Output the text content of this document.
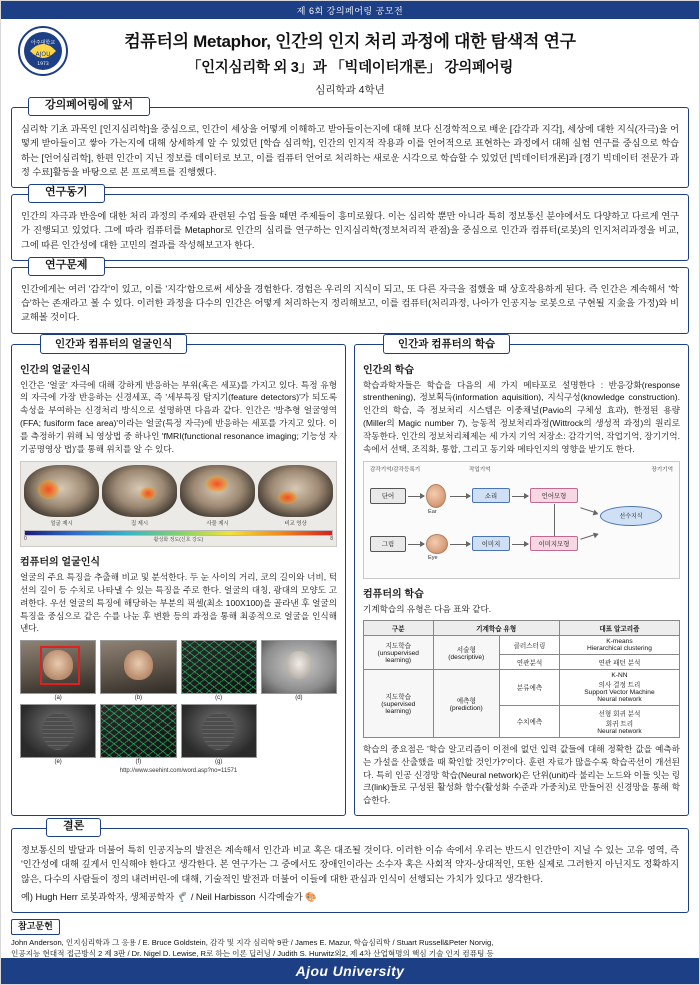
제 6회 강의페어링 공모전
아주대학교
AJOU
1973
컴퓨터의 Metaphor, 인간의 인지 처리 과정에 대한 탐색적 연구
「인지심리학 외 3」과 「빅데이터개론」 강의페어링
심리학과 4학년
강의페어링에 앞서

심리학 기초 과목인 [인지심리학]을 중심으로, 인간이 세상을 어떻게 이해하고 받아들이는지에 대해 보다 신경학적으로 배운 [감각과 지각], 세상에 대한 지식(자극)을 어떻게 받아들이고 쌓아 가는지에 대해 상세하게 알 수 있었던 [학습 심리학], 인간의 인지적 작용과 이를 언어적으로 표현하는 과정에서 대해 실험 연구를 중심으로 학습하는 [언어심리학], 한편 인간이 지닌 정보를 데이터로 보고, 이를 컴퓨터 언어로 처리하는 새로운 시각으로 학습할 수 있었던 [빅데이터개론]과 [경기 빅데이터 전문가 과정 수료]활동을 바탕으로 본 프로젝트를 진행했다.

연구동기

인간의 자극과 반응에 대한 처리 과정의 주제와 관련된 수업 들을 때면 주제들이 흥미로웠다. 이는 심리학 뿐만 아니라 특히 정보통신 분야에서도 다양하고 다르게 연구가 진행되고 있었다. 그에 따라 컴퓨터를 Metaphor로 인간의 심리를 연구하는 인지심리학(정보처리적 관점)을 중심으로 인간과 컴퓨터(로봇)의 인지처리과정을 비교, 그에 따른 인간성에 대한 고민의 결과를 작성해보고자 한다.

연구문제

인간에게는 여러 '감각'이 있고, 이를 '지각'함으로써 세상을 경험한다. 경험은 우리의 지식이 되고, 또 다른 자극을 접했을 때 상호작용하게 된다. 즉 인간은 계속해서 '학습'하는 존재라고 볼 수 있다. 이러한 과정을 다수의 인간은 어떻게 처리하는지 정리해보고, 이를 컴퓨터(처리과정, 나아가 인공지능 로봇으로 구현될 지金을 가정)와 비교해볼 것이다.

인간과 컴퓨터의 얼굴인식
인간의 얼굴인식

인간은 '얼굴' 자극에 대해 강하게 반응하는 부위(혹은 세포)를 가지고 있다. 특정 유형의 자극에 가장 반응하는 신경세포, 즉 '세부특징 탐지기(feature detectors)'가 되도록 속성을 부여하는 신경처리 방식으로 설명하면 다음과 같다. 인간은 '방추형 얼굴영역(FFA; fusiform face area)'이라는 얼굴(특정 자극)에 반응하는 세포를 가지고 있다. 이를 측정하기 위해 뇌 영상법 중 하나인 'fMRI(functional resonance imaging; 기능성 자기공명영상 법)'를 통해 위치를 알 수 있다.

얼굴 제시	집 제시	사물 제시	비교 영상
0	활성화 정도(신호 강도)	8
컴퓨터의 얼굴인식

얼굴의 주요 특징을 추출해 비교 및 분석한다. 두 눈 사이의 거리, 코의 길이와 너비, 턱 선의 길이 등 수치로 나타낼 수 있는 특징을 주로 한다. 얼굴의 대칭, 광대의 모양도 고려한다. 우선 얼굴의 특징에 해당하는 부분의 픽셀(최소 100X100)을 골라낸 후 얼굴의 특징을 중심으로 같은 수를 나눈 후 변환 등의 과정을 통해 최종적으로 얼굴을 인식해낸다.

(a)	(b)	(c)	(d)
(e)	(f)	(g)
http://www.seehint.com/word.asp?no=11571
인간과 컴퓨터의 학습
인간의 학습

학습과학자들은 학습을 다음의 세 가지 메타포로 설명한다 : 반응강화(response strenthening), 정보획득(information aquisition), 지식구성(knowledge construction). 인간의 학습, 즉 정보처리 시스템은 이중채널(Pavio의 구체성 효과), 한정된 용량(Miller의 Magic number 7), 능동적 정보처리과정(Wittrock의 생성적 과정)의 원리로 작동한다. 인간의 정보처리체제는 세 가지 기억 저장소: 감각기억, 작업기억, 장기기억. 속에서 선택, 조직화, 통합, 그리고 동기와 메타인지의 영향을 받기도 한다.

감각기억/감각등록기	작업기억	장기기억
단어
그림
Ear
Eye
소리
이미지
언어모형
이미지모형
선수지식
컴퓨터의 학습

기계학습의 유형은 다음 표와 같다.

구분	기계학습 유형		대표 알고리즘
지도학습
(unsupervised
learning)	서술형
(descriptive)	클러스터링	K-means
Hierarchical clustering
		연관분석	연관 패턴 분석
지도학습
(supervised
learning)	예측형
(prediction)	분류예측	K-NN
의사 결정 트리
Support Vector Machine
Neural network
		수치예측	선형 회귀 분석
회귀 트리
Neural network

학습의 중요점은 '학습 알고리즘이 이전에 없던 입력 값들에 대해 정확한 값을 예측하는 가설을 산출했을 때 확인할 것인가?'이다. 훈련 자료가 많을수록 학습곡선이 개선된다. 특히 인공 신경망 학습(Neural network)은 단위(unit)라 불리는 노드와 이들 잇는 링크(link)들로 구성된 활성화 함수(활성화 수준과 가중치)로 만들어진 신경망을 통해 학습한다.

결론

정보통신의 발달과 더불어 특히 인공지능의 발전은 계속해서 인간과 비교 혹은 대조될 것이다. 이러한 이슈 속에서 우리는 반드시 인간만이 지닐 수 있는 고유 영역, 즉 '인간성에 대해 깊게서 인식해야 한다고 생각한다. 본 연구가는 그 중에서도 장애인이라는 소수자 혹은 사회적 약자-상대적인, 또한 실제로 그러한지 아닌지도 정확하지 않은, 다수의 사람들이 정의 내려버린-에 대해, 기술적인 발전과 더불어 이들에 대한 관심과 인식이 선행되는 가치가 있다고 생각한다.

예) Hugh Herr 로봇과학자, 생체공학자 🦿 / Neil Harbisson 시각예술가 🎨

참고문헌
John Anderson, 인지심리학과 그 응용 / E. Bruce Goldstein, 감각 및 지각 심리학 9판 / James E. Mazur, 학습심리학 / Stuart Russell&Peter Norvig,
인공지능 현대적 접근방식 2 제 3판 / Dr. Nigel D. Lewise, R로 하는 이론 딥러닝 / Judith S. Hurwitz외2, 제 4차 산업혁명의 핵심 기술 인지 컴퓨팅 등
Ajou University
